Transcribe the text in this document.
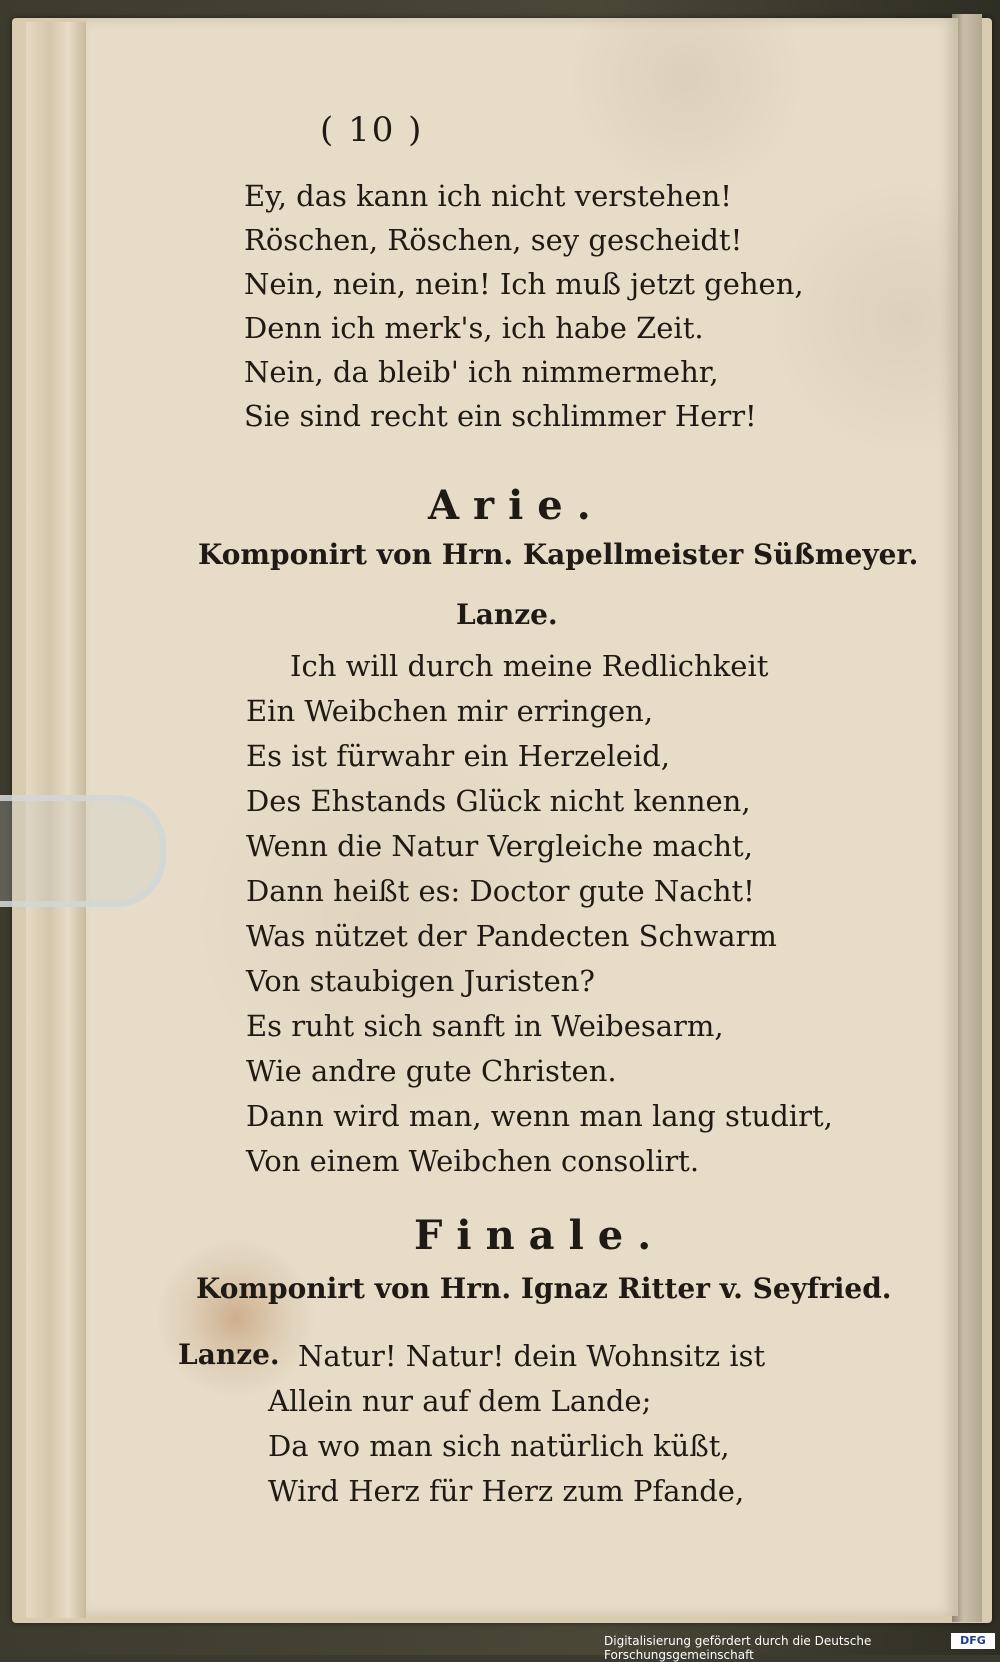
( 10 )
Ey, das kann ich nicht verstehen!
Röschen, Röschen, sey gescheidt!
Nein, nein, nein! Ich muß jetzt gehen,
Denn ich merk's, ich habe Zeit.
Nein, da bleib' ich nimmermehr,
Sie sind recht ein schlimmer Herr!
Arie.
Komponirt von Hrn. Kapellmeister Süßmeyer.
Lanze.
Ich will durch meine Redlichkeit
Ein Weibchen mir erringen,
Es ist fürwahr ein Herzeleid,
Des Ehstands Glück nicht kennen,
Wenn die Natur Vergleiche macht,
Dann heißt es: Doctor gute Nacht!
Was nützet der Pandecten Schwarm
Von staubigen Juristen?
Es ruht sich sanft in Weibesarm,
Wie andre gute Christen.
Dann wird man, wenn man lang studirt,
Von einem Weibchen consolirt.
Finale.
Komponirt von Hrn. Ignaz Ritter v. Seyfried.
Lanze. Natur! Natur! dein Wohnsitz ist
Allein nur auf dem Lande;
Da wo man sich natürlich küßt,
Wird Herz für Herz zum Pfande,
Digitalisierung gefördert durch die Deutsche Forschungsgemeinschaft
DFG
